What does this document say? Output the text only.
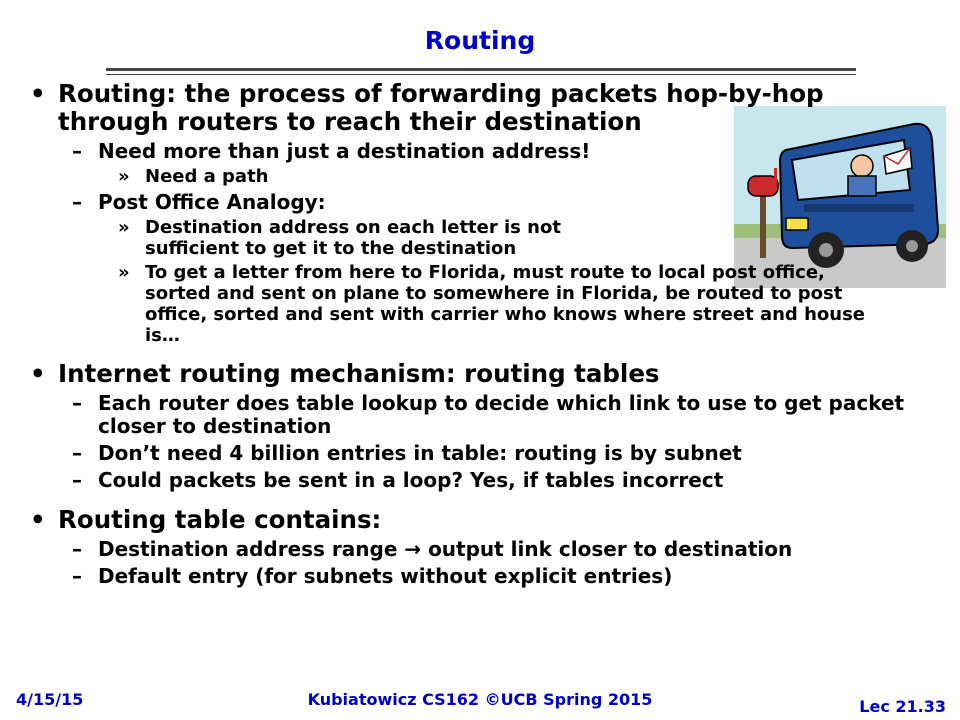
Routing
• Routing: the process of forwarding packets hop-by-hop through routers to reach their destination
– Need more than just a destination address!
» Need a path
– Post Office Analogy:
» Destination address on each letter is not sufficient to get it to the destination
» To get a letter from here to Florida, must route to local post office, sorted and sent on plane to somewhere in Florida, be routed to post office, sorted and sent with carrier who knows where street and house is…
• Internet routing mechanism: routing tables
– Each router does table lookup to decide which link to use to get packet closer to destination
– Don’t need 4 billion entries in table: routing is by subnet
– Could packets be sent in a loop? Yes, if tables incorrect
• Routing table contains:
– Destination address range → output link closer to destination
– Default entry (for subnets without explicit entries)
4/15/15	Kubiatowicz CS162 ©UCB Spring 2015	Lec 21.33
